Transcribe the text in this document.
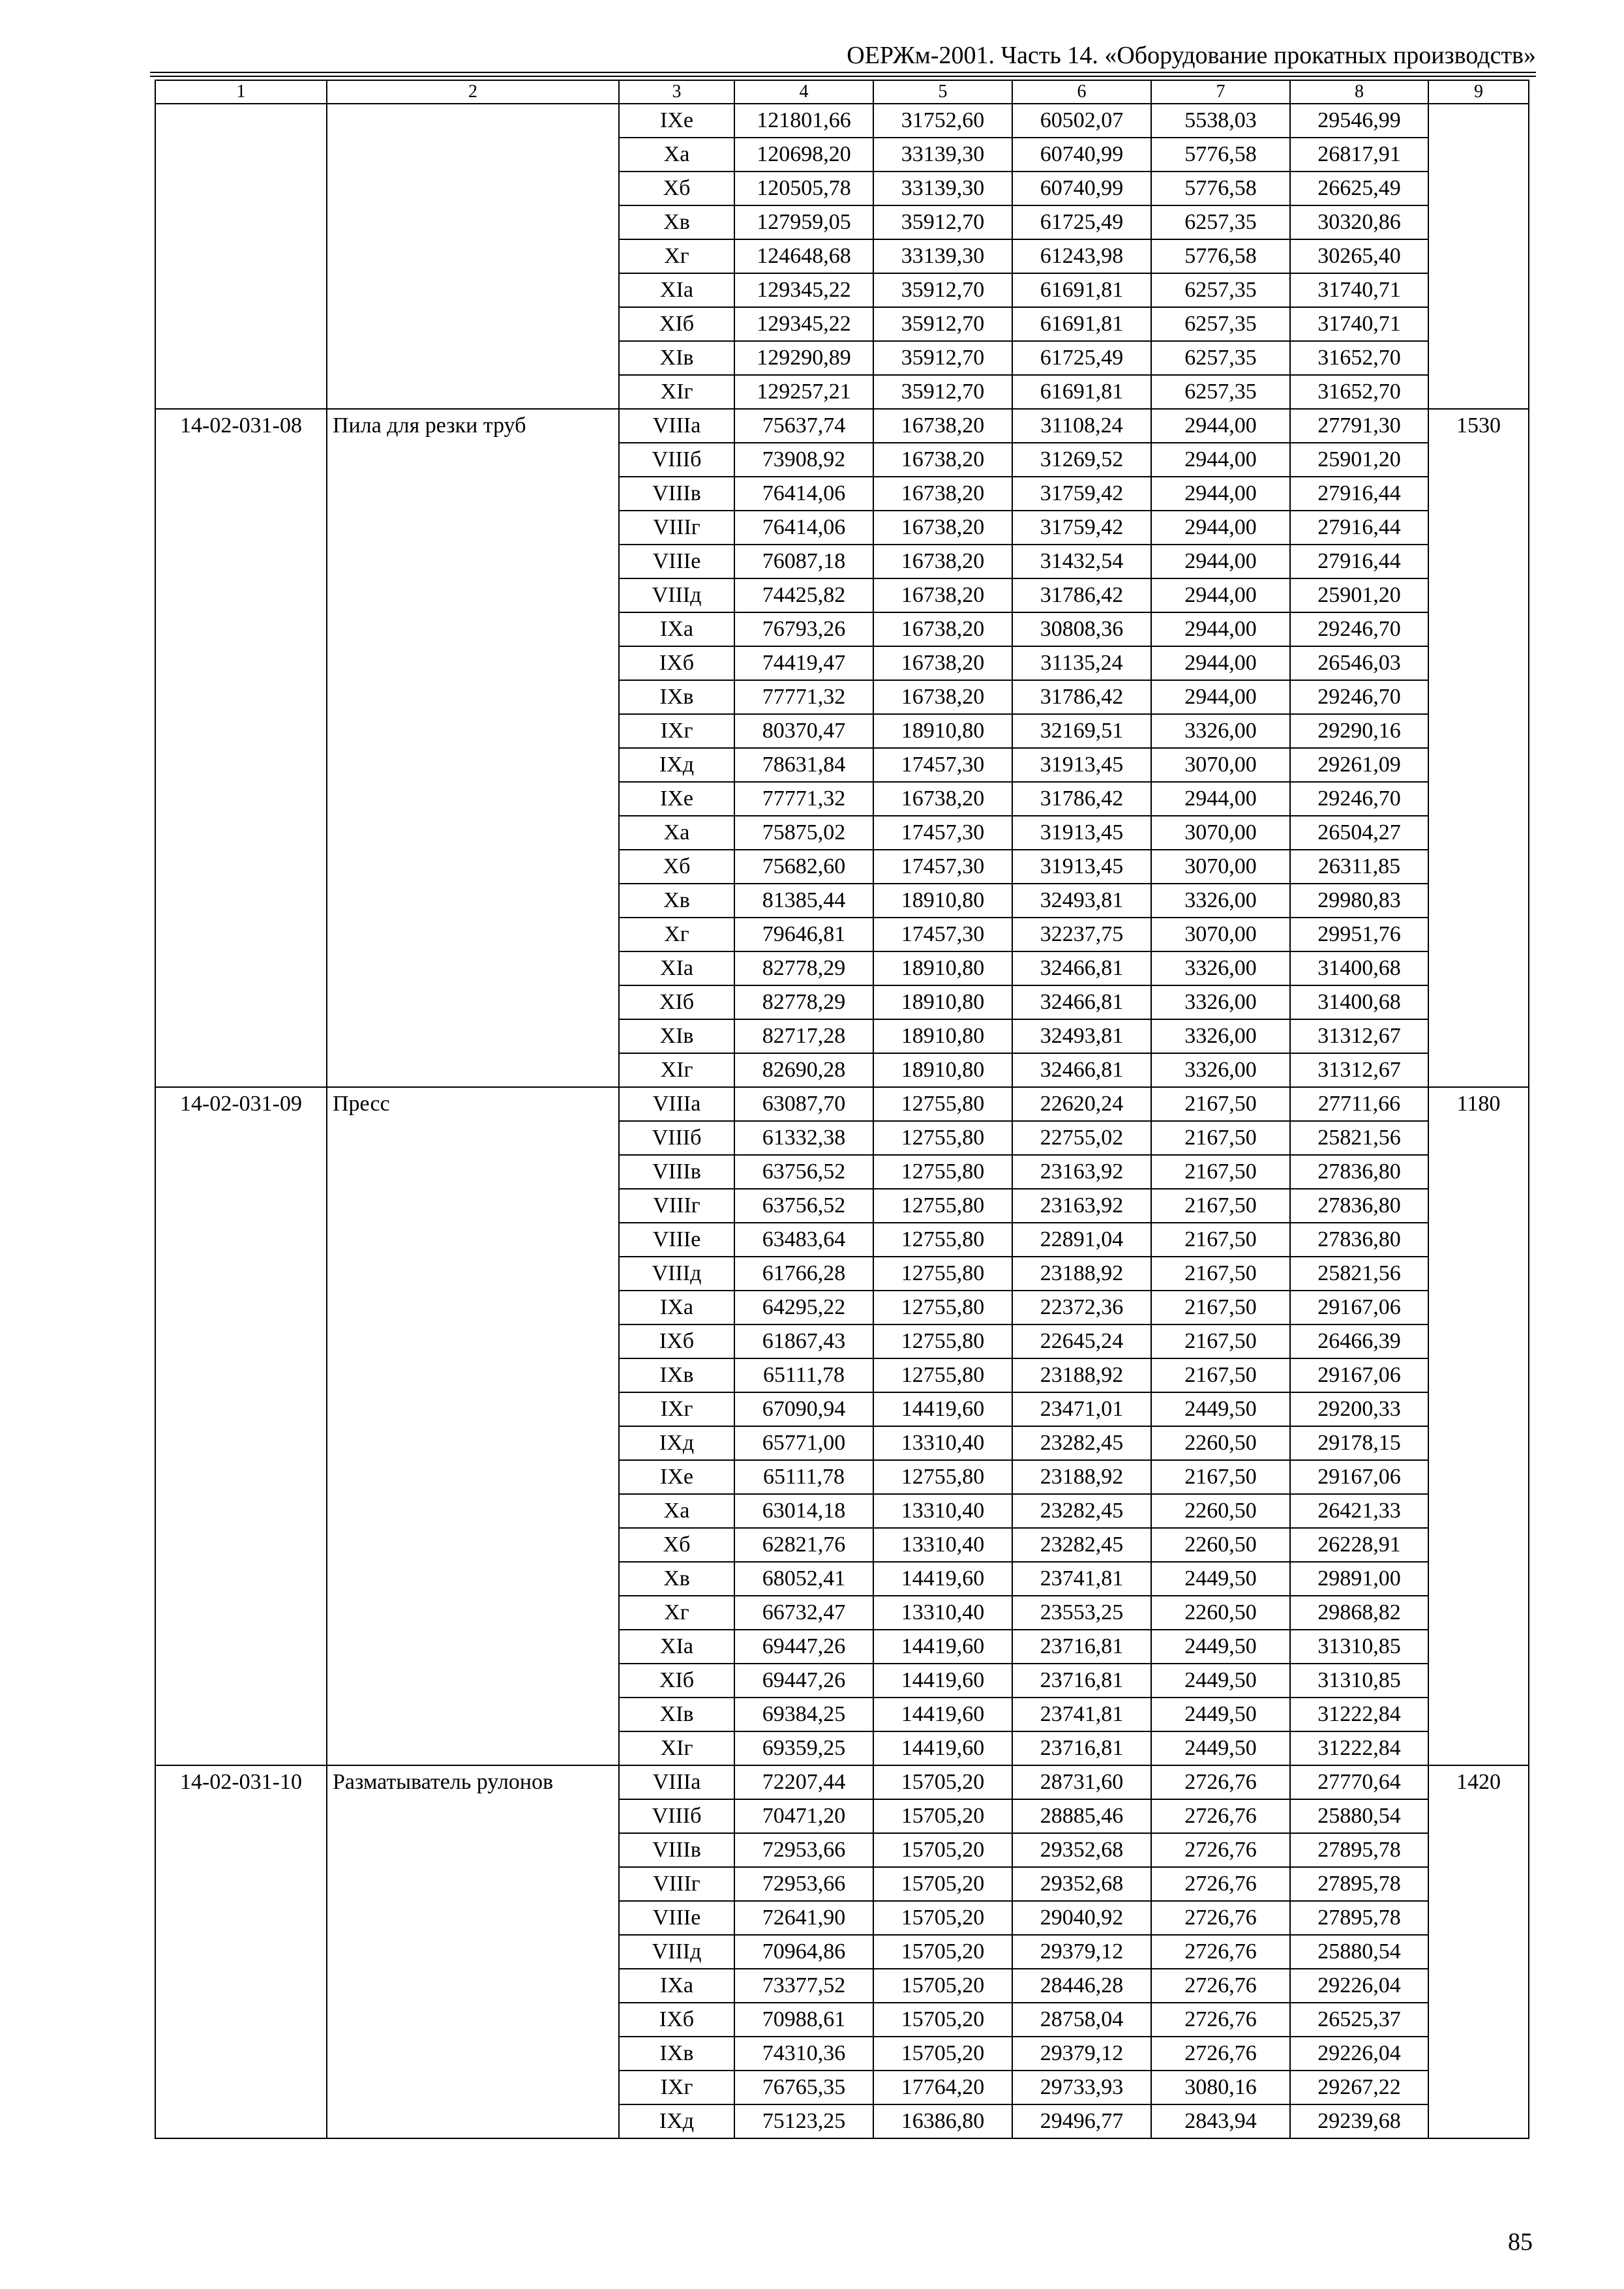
ОЕРЖм-2001. Часть 14. «Оборудование прокатных производств»
1	2	3	4	5	6	7	8	9
		IXе	121801,66	31752,60	60502,07	5538,03	29546,99	
		Xа	120698,20	33139,30	60740,99	5776,58	26817,91	
		Xб	120505,78	33139,30	60740,99	5776,58	26625,49	
		Xв	127959,05	35912,70	61725,49	6257,35	30320,86	
		Xг	124648,68	33139,30	61243,98	5776,58	30265,40	
		XIа	129345,22	35912,70	61691,81	6257,35	31740,71	
		XIб	129345,22	35912,70	61691,81	6257,35	31740,71	
		XIв	129290,89	35912,70	61725,49	6257,35	31652,70	
		XIг	129257,21	35912,70	61691,81	6257,35	31652,70	
14-02-031-08	Пила для резки труб	VIIIа	75637,74	16738,20	31108,24	2944,00	27791,30	1530
		VIIIб	73908,92	16738,20	31269,52	2944,00	25901,20	
		VIIIв	76414,06	16738,20	31759,42	2944,00	27916,44	
		VIIIг	76414,06	16738,20	31759,42	2944,00	27916,44	
		VIIIе	76087,18	16738,20	31432,54	2944,00	27916,44	
		VIIIд	74425,82	16738,20	31786,42	2944,00	25901,20	
		IXа	76793,26	16738,20	30808,36	2944,00	29246,70	
		IXб	74419,47	16738,20	31135,24	2944,00	26546,03	
		IXв	77771,32	16738,20	31786,42	2944,00	29246,70	
		IXг	80370,47	18910,80	32169,51	3326,00	29290,16	
		IXд	78631,84	17457,30	31913,45	3070,00	29261,09	
		IXе	77771,32	16738,20	31786,42	2944,00	29246,70	
		Xа	75875,02	17457,30	31913,45	3070,00	26504,27	
		Xб	75682,60	17457,30	31913,45	3070,00	26311,85	
		Xв	81385,44	18910,80	32493,81	3326,00	29980,83	
		Xг	79646,81	17457,30	32237,75	3070,00	29951,76	
		XIа	82778,29	18910,80	32466,81	3326,00	31400,68	
		XIб	82778,29	18910,80	32466,81	3326,00	31400,68	
		XIв	82717,28	18910,80	32493,81	3326,00	31312,67	
		XIг	82690,28	18910,80	32466,81	3326,00	31312,67	
14-02-031-09	Пресс	VIIIа	63087,70	12755,80	22620,24	2167,50	27711,66	1180
		VIIIб	61332,38	12755,80	22755,02	2167,50	25821,56	
		VIIIв	63756,52	12755,80	23163,92	2167,50	27836,80	
		VIIIг	63756,52	12755,80	23163,92	2167,50	27836,80	
		VIIIе	63483,64	12755,80	22891,04	2167,50	27836,80	
		VIIIд	61766,28	12755,80	23188,92	2167,50	25821,56	
		IXа	64295,22	12755,80	22372,36	2167,50	29167,06	
		IXб	61867,43	12755,80	22645,24	2167,50	26466,39	
		IXв	65111,78	12755,80	23188,92	2167,50	29167,06	
		IXг	67090,94	14419,60	23471,01	2449,50	29200,33	
		IXд	65771,00	13310,40	23282,45	2260,50	29178,15	
		IXе	65111,78	12755,80	23188,92	2167,50	29167,06	
		Xа	63014,18	13310,40	23282,45	2260,50	26421,33	
		Xб	62821,76	13310,40	23282,45	2260,50	26228,91	
		Xв	68052,41	14419,60	23741,81	2449,50	29891,00	
		Xг	66732,47	13310,40	23553,25	2260,50	29868,82	
		XIа	69447,26	14419,60	23716,81	2449,50	31310,85	
		XIб	69447,26	14419,60	23716,81	2449,50	31310,85	
		XIв	69384,25	14419,60	23741,81	2449,50	31222,84	
		XIг	69359,25	14419,60	23716,81	2449,50	31222,84	
14-02-031-10	Разматыватель рулонов	VIIIа	72207,44	15705,20	28731,60	2726,76	27770,64	1420
		VIIIб	70471,20	15705,20	28885,46	2726,76	25880,54	
		VIIIв	72953,66	15705,20	29352,68	2726,76	27895,78	
		VIIIг	72953,66	15705,20	29352,68	2726,76	27895,78	
		VIIIе	72641,90	15705,20	29040,92	2726,76	27895,78	
		VIIIд	70964,86	15705,20	29379,12	2726,76	25880,54	
		IXа	73377,52	15705,20	28446,28	2726,76	29226,04	
		IXб	70988,61	15705,20	28758,04	2726,76	26525,37	
		IXв	74310,36	15705,20	29379,12	2726,76	29226,04	
		IXг	76765,35	17764,20	29733,93	3080,16	29267,22	
		IXд	75123,25	16386,80	29496,77	2843,94	29239,68	
85
